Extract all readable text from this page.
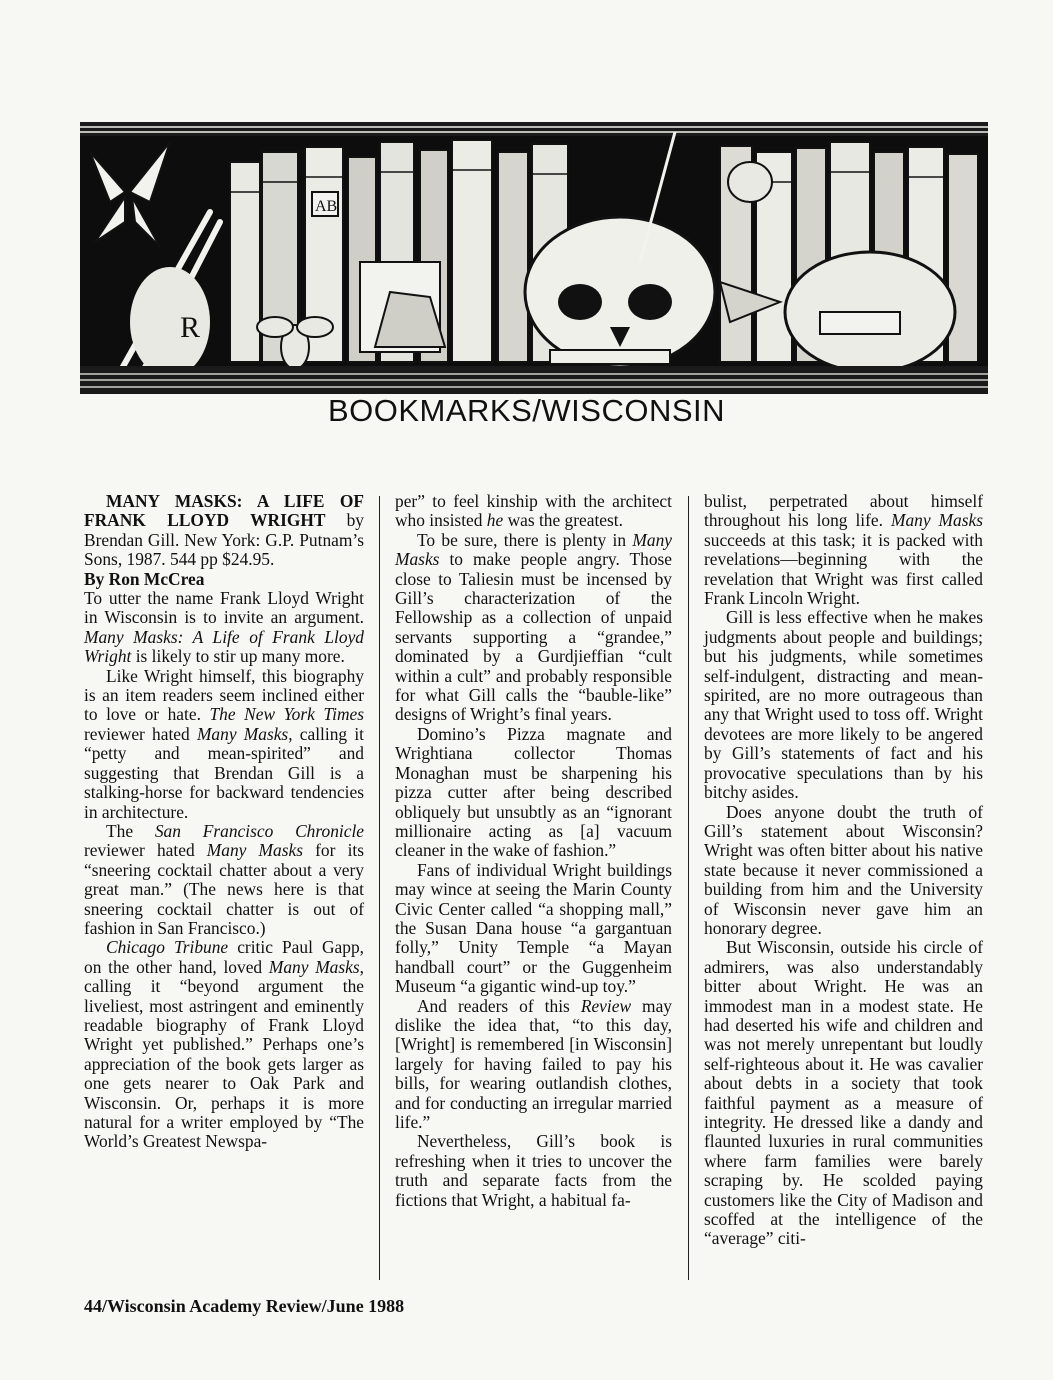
R
AB
BOOKMARKS/WISCONSIN

MANY MASKS: A LIFE OF FRANK LLOYD WRIGHT by Brendan Gill. New York: G.P. Putnam’s Sons, 1987. 544 pp $24.95.

By Ron McCrea

To utter the name Frank Lloyd Wright in Wisconsin is to invite an argument. Many Masks: A Life of Frank Lloyd Wright is likely to stir up many more.

Like Wright himself, this biography is an item readers seem inclined either to love or hate. The New York Times reviewer hated Many Masks, calling it “petty and mean-spirited” and suggesting that Brendan Gill is a stalking-horse for backward tendencies in architecture.

The San Francisco Chronicle reviewer hated Many Masks for its “sneering cocktail chatter about a very great man.” (The news here is that sneering cocktail chatter is out of fashion in San Francisco.)

Chicago Tribune critic Paul Gapp, on the other hand, loved Many Masks, calling it “beyond argument the liveliest, most astringent and eminently readable biography of Frank Lloyd Wright yet published.” Perhaps one’s appreciation of the book gets larger as one gets nearer to Oak Park and Wisconsin. Or, perhaps it is more natural for a writer employed by “The World’s Greatest Newspa-

per” to feel kinship with the architect who insisted he was the greatest.

To be sure, there is plenty in Many Masks to make people angry. Those close to Taliesin must be incensed by Gill’s characterization of the Fellowship as a collection of unpaid servants supporting a “grandee,” dominated by a Gurdjieffian “cult within a cult” and probably responsible for what Gill calls the “bauble-like” designs of Wright’s final years.

Domino’s Pizza magnate and Wrightiana collector Thomas Monaghan must be sharpening his pizza cutter after being described obliquely but unsubtly as an “ignorant millionaire acting as [a] vacuum cleaner in the wake of fashion.”

Fans of individual Wright buildings may wince at seeing the Marin County Civic Center called “a shopping mall,” the Susan Dana house “a gargantuan folly,” Unity Temple “a Mayan handball court” or the Guggenheim Museum “a gigantic wind-up toy.”

And readers of this Review may dislike the idea that, “to this day, [Wright] is remembered [in Wisconsin] largely for having failed to pay his bills, for wearing outlandish clothes, and for conducting an irregular married life.”

Nevertheless, Gill’s book is refreshing when it tries to uncover the truth and separate facts from the fictions that Wright, a habitual fa-

bulist, perpetrated about himself throughout his long life. Many Masks succeeds at this task; it is packed with revelations—beginning with the revelation that Wright was first called Frank Lincoln Wright.

Gill is less effective when he makes judgments about people and buildings; but his judgments, while sometimes self-indulgent, distracting and mean-spirited, are no more outrageous than any that Wright used to toss off. Wright devotees are more likely to be angered by Gill’s statements of fact and his provocative speculations than by his bitchy asides.

Does anyone doubt the truth of Gill’s statement about Wisconsin? Wright was often bitter about his native state because it never commissioned a building from him and the University of Wisconsin never gave him an honorary degree.

But Wisconsin, outside his circle of admirers, was also understandably bitter about Wright. He was an immodest man in a modest state. He had deserted his wife and children and was not merely unrepentant but loudly self-righteous about it. He was cavalier about debts in a society that took faithful payment as a measure of integrity. He dressed like a dandy and flaunted luxuries in rural communities where farm families were barely scraping by. He scolded paying customers like the City of Madison and scoffed at the intelligence of the “average” citi-

44/Wisconsin Academy Review/June 1988
